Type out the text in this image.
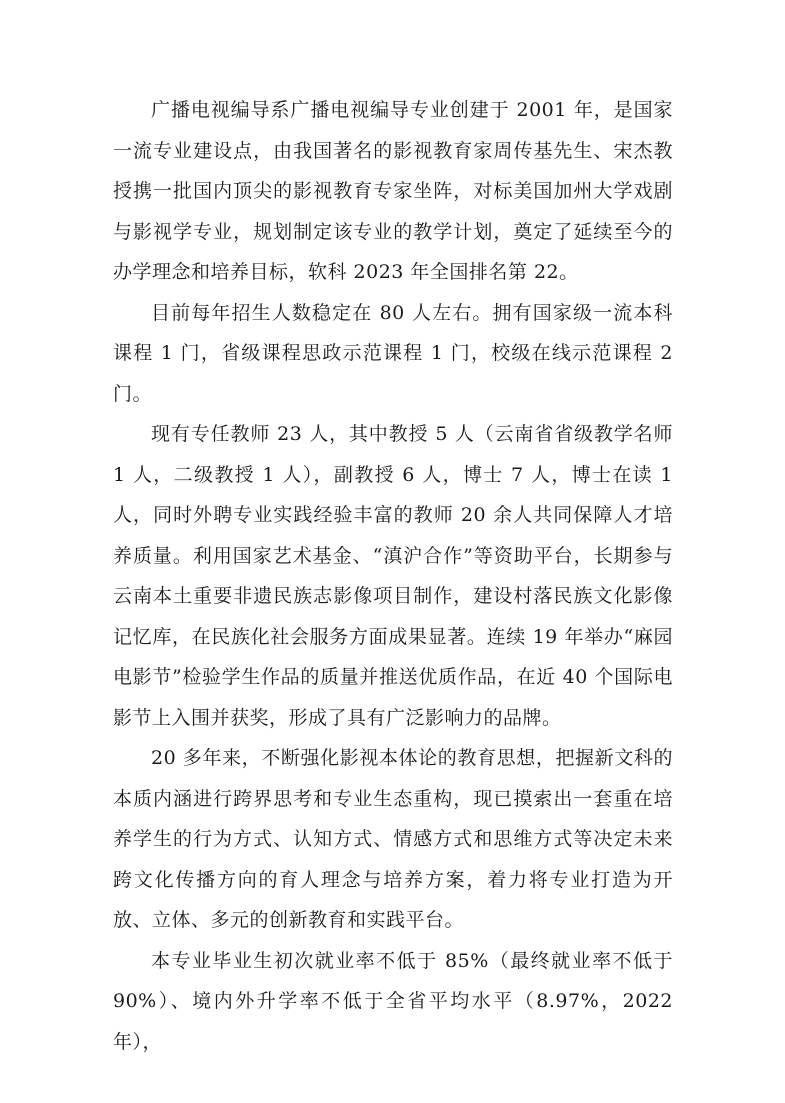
广播电视编导系广播电视编导专业创建于 2001 年，是国家一流专业建设点，由我国著名的影视教育家周传基先生、宋杰教授携一批国内顶尖的影视教育专家坐阵，对标美国加州大学戏剧与影视学专业，规划制定该专业的教学计划，奠定了延续至今的办学理念和培养目标，软科 2023 年全国排名第 22。

目前每年招生人数稳定在 80 人左右。拥有国家级一流本科课程 1 门，省级课程思政示范课程 1 门，校级在线示范课程 2 门。

现有专任教师 23 人，其中教授 5 人（云南省省级教学名师 1 人，二级教授 1 人），副教授 6 人，博士 7 人，博士在读 1 人，同时外聘专业实践经验丰富的教师 20 余人共同保障人才培养质量。利用国家艺术基金、“滇沪合作”等资助平台，长期参与云南本土重要非遗民族志影像项目制作，建设村落民族文化影像记忆库，在民族化社会服务方面成果显著。连续 19 年举办“麻园电影节”检验学生作品的质量并推送优质作品，在近 40 个国际电影节上入围并获奖，形成了具有广泛影响力的品牌。

20 多年来，不断强化影视本体论的教育思想，把握新文科的本质内涵进行跨界思考和专业生态重构，现已摸索出一套重在培养学生的行为方式、认知方式、情感方式和思维方式等决定未来跨文化传播方向的育人理念与培养方案，着力将专业打造为开放、立体、多元的创新教育和实践平台。

本专业毕业生初次就业率不低于 85%（最终就业率不低于 90%）、境内外升学率不低于全省平均水平（8.97%，2022 年），
